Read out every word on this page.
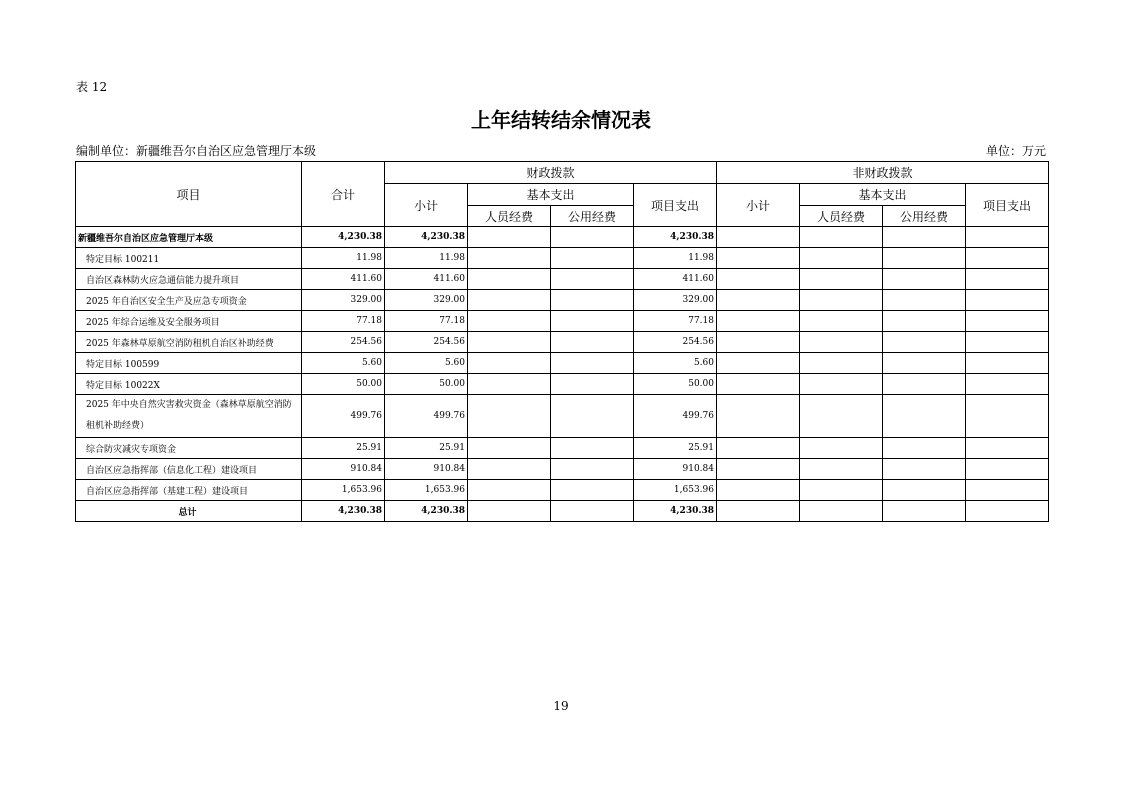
表 12
上年结转结余情况表
编制单位：新疆维吾尔自治区应急管理厅本级	单位：万元
项目	合计	财政拨款				非财政拨款			
		小计	基本支出		项目支出	小计	基本支出		项目支出
			人员经费	公用经费			人员经费	公用经费	
新疆维吾尔自治区应急管理厅本级	4,230.38	4,230.38			4,230.38				
特定目标 100211	11.98	11.98			11.98				
自治区森林防火应急通信能力提升项目	411.60	411.60			411.60				
2025 年自治区安全生产及应急专项资金	329.00	329.00			329.00				
2025 年综合运维及安全服务项目	77.18	77.18			77.18				
2025 年森林草原航空消防租机自治区补助经费	254.56	254.56			254.56				
特定目标 100599	5.60	5.60			5.60				
特定目标 10022X	50.00	50.00			50.00				
2025 年中央自然灾害救灾资金（森林草原航空消防租机补助经费）	499.76	499.76			499.76				
综合防灾减灾专项资金	25.91	25.91			25.91				
自治区应急指挥部（信息化工程）建设项目	910.84	910.84			910.84				
自治区应急指挥部（基建工程）建设项目	1,653.96	1,653.96			1,653.96				
总计	4,230.38	4,230.38			4,230.38				
19
